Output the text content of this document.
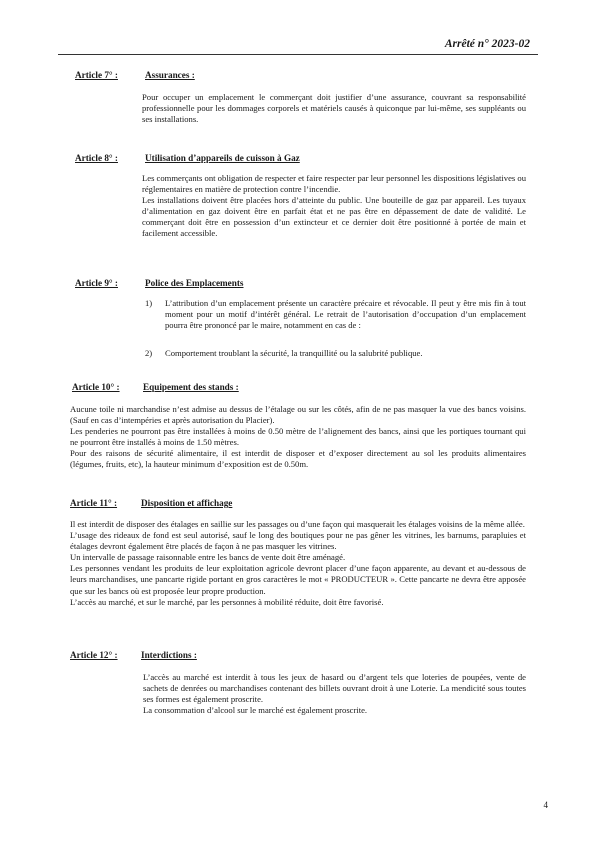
Arrêté n° 2023-02
Article 7° :	Assurances :

Pour occuper un emplacement le commerçant doit justifier d’une assurance, couvrant sa responsabilité professionnelle pour les dommages corporels et matériels causés à quiconque par lui-même, ses suppléants ou ses installations.

Article 8° :	Utilisation d’appareils de cuisson à Gaz

Les commerçants ont obligation de respecter et faire respecter par leur personnel les dispositions législatives ou réglementaires en matière de protection contre l’incendie.

Les installations doivent être placées hors d’atteinte du public. Une bouteille de gaz par appareil. Les tuyaux d’alimentation en gaz doivent être en parfait état et ne pas être en dépassement de date de validité. Le commerçant doit être en possession d’un extincteur et ce dernier doit être positionné à portée de main et facilement accessible.

Article 9° :	Police des Emplacements
1) L’attribution d’un emplacement présente un caractère précaire et révocable. Il peut y être mis fin à tout moment pour un motif d’intérêt général. Le retrait de l’autorisation d’occupation d’un emplacement pourra être prononcé par le maire, notamment en cas de :
2) Comportement troublant la sécurité, la tranquillité ou la salubrité publique.
Article 10° :	Equipement des stands :

Aucune toile ni marchandise n’est admise au dessus de l’étalage ou sur les côtés, afin de ne pas masquer la vue des bancs voisins. (Sauf en cas d’intempéries et après autorisation du Placier).

Les penderies ne pourront pas être installées à moins de 0.50 mètre de l’alignement des bancs, ainsi que les portiques tournant qui ne pourront être installés à moins de 1.50 mètres.

Pour des raisons de sécurité alimentaire, il est interdit de disposer et d’exposer directement au sol les produits alimentaires (légumes, fruits, etc), la hauteur minimum d’exposition est de 0.50m.

Article 11° :	Disposition et affichage

Il est interdit de disposer des étalages en saillie sur les passages ou d’une façon qui masquerait les étalages voisins de la même allée.

L’usage des rideaux de fond est seul autorisé, sauf le long des boutiques pour ne pas gêner les vitrines, les barnums, parapluies et étalages devront également être placés de façon à ne pas masquer les vitrines.

Un intervalle de passage raisonnable entre les bancs de vente doit être aménagé.

Les personnes vendant les produits de leur exploitation agricole devront placer d’une façon apparente, au devant et au-dessous de leurs marchandises, une pancarte rigide portant en gros caractères le mot « PRODUCTEUR ». Cette pancarte ne devra être apposée que sur les bancs où est proposée leur propre production.

L’accès au marché, et sur le marché, par les personnes à mobilité réduite, doit être favorisé.

Article 12° :	Interdictions :

L’accès au marché est interdit à tous les jeux de hasard ou d’argent tels que loteries de poupées, vente de sachets de denrées ou marchandises contenant des billets ouvrant droit à une Loterie. La mendicité sous toutes ses formes est également proscrite.

La consommation d’alcool sur le marché est également proscrite.

4
